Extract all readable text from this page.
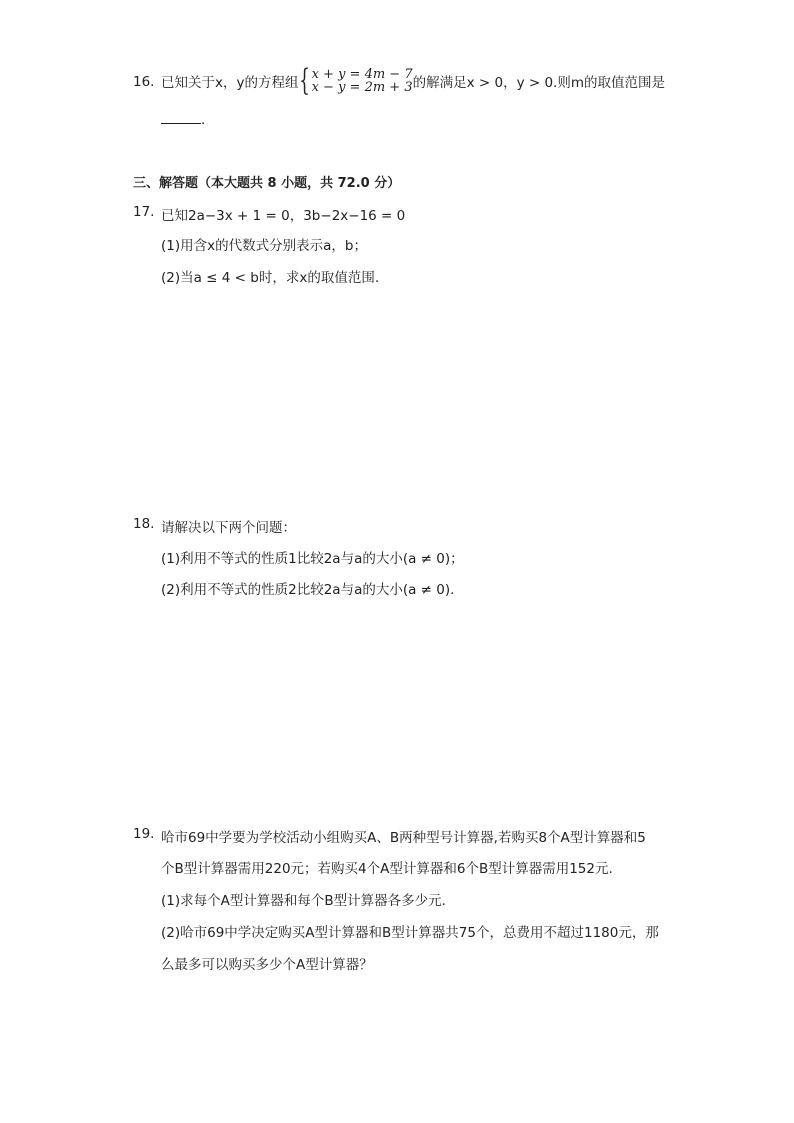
16. 已知关于x，y的方程组 { x + y = 4m − 7
x − y = 2m + 3 的解满足x > 0，y > 0.则m的取值范围是
.
三、解答题（本大题共 8 小题，共 72.0 分）
17. 已知2a−3x + 1 = 0，3b−2x−16 = 0
(1)用含x的代数式分别表示a，b；
(2)当a ≤ 4 < b时，求x的取值范围.
18. 请解决以下两个问题：
(1)利用不等式的性质1比较2a与a的大小(a ≠ 0)；
(2)利用不等式的性质2比较2a与a的大小(a ≠ 0).
19. 哈市69中学要为学校活动小组购买A、B两种型号计算器,若购买8个A型计算器和5
个B型计算器需用220元；若购买4个A型计算器和6个B型计算器需用152元.
(1)求每个A型计算器和每个B型计算器各多少元.
(2)哈市69中学决定购买A型计算器和B型计算器共75个，总费用不超过1180元，那
么最多可以购买多少个A型计算器？
